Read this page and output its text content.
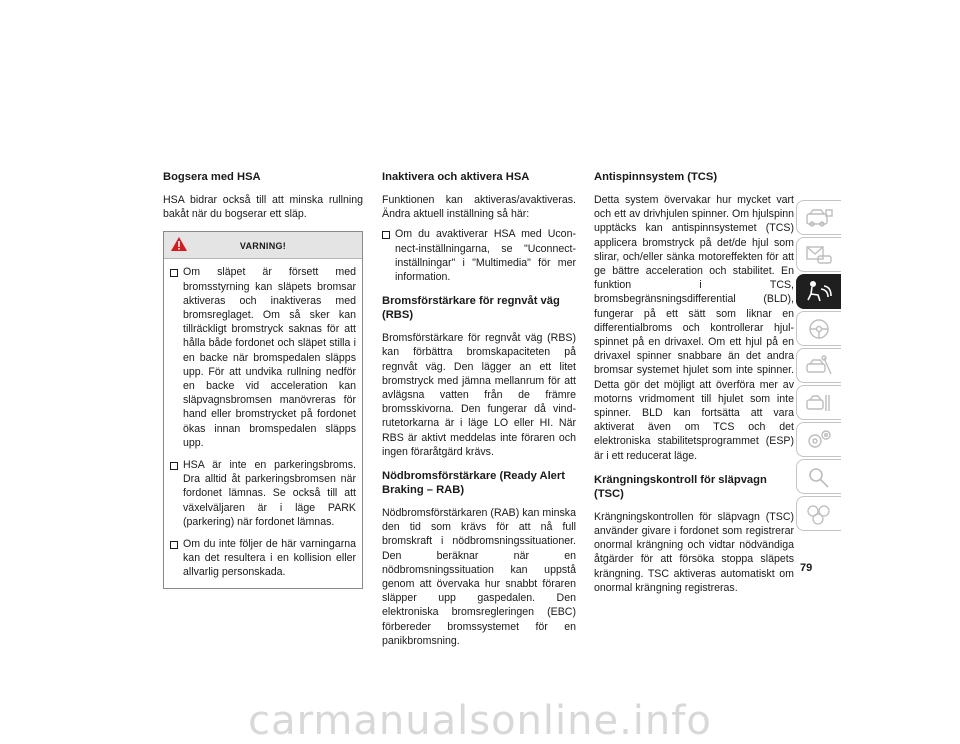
Bogsera med HSA

HSA bidrar också till att minska rullning bakåt när du bogserar ett släp.

VARNING!
Om släpet är försett med bromsstyrning kan släpets bromsar aktiveras och inaktiveras med bromsreglaget. Om så sker kan tillräckligt bromstryck saknas för att hålla både fordonet och släpet stilla i en backe när bromspedalen släpps upp. För att undvika rullning nedför en backe vid acceleration kan släpvagnsbromsen manövreras för hand eller bromstrycket på fordonet ökas innan bromspedalen släpps upp.
HSA är inte en parkeringsbroms. Dra alltid åt parkeringsbromsen när fordonet lämnas. Se också till att växelväljaren är i läge PARK (parkering) när fordonet lämnas.
Om du inte följer de här varningarna kan det resultera i en kollision eller allvarlig personskada.
Inaktivera och aktivera HSA

Funktionen kan aktiveras/avaktiveras. Ändra aktuell inställning så här:

Om du avaktiverar HSA med Uconnect-inställningarna, se "Uconnect-inställningar" i "Multimedia" för mer information.
Bromsförstärkare för regnvåt väg (RBS)

Bromsförstärkare för regnvåt väg (RBS) kan förbättra bromskapaciteten på regnvåt väg. Den lägger an ett litet bromstryck med jämna mellanrum för att avlägsna vatten från de främre bromsskivorna. Den fungerar då vindrutetorkarna är i läge LO eller HI. När RBS är aktivt meddelas inte föraren och ingen föraråtgärd krävs.

Nödbromsförstärkare (Ready Alert Braking – RAB)

Nödbromsförstärkaren (RAB) kan minska den tid som krävs för att nå full bromskraft i nödbromsningssituationer. Den beräknar när en nödbromsningssituation kan uppstå genom att övervaka hur snabbt föraren släpper upp gaspedalen. Den elektroniska bromsregleringen (EBC) förbereder bromssystemet för en panikbromsning.

Antispinnsystem (TCS)

Detta system övervakar hur mycket vart och ett av drivhjulen spinner. Om hjulspinn upptäcks kan antispinnsystemet (TCS) applicera bromstryck på det/de hjul som slirar, och/eller sänka motoreffekten för att ge bättre acceleration och stabilitet. En funktion i TCS, bromsbegränsningsdifferential (BLD), fungerar på ett sätt som liknar en differentialbroms och kontrollerar hjulspinnet på en drivaxel. Om ett hjul på en drivaxel spinner snabbare än det andra bromsar systemet hjulet som inte spinner. Detta gör det möjligt att överföra mer av motorns vridmoment till hjulet som inte spinner. BLD kan fortsätta att vara aktiverat även om TCS och det elektroniska stabilitetsprogrammet (ESP) är i ett reducerat läge.

Krängningskontroll för släpvagn (TSC)

Krängningskontrollen för släpvagn (TSC) använder givare i fordonet som registrerar onormal krängning och vidtar nödvändiga åtgärder för att försöka stoppa släpets krängning. TSC aktiveras automatiskt om onormal krängning registreras.

79
carmanualsonline.info
